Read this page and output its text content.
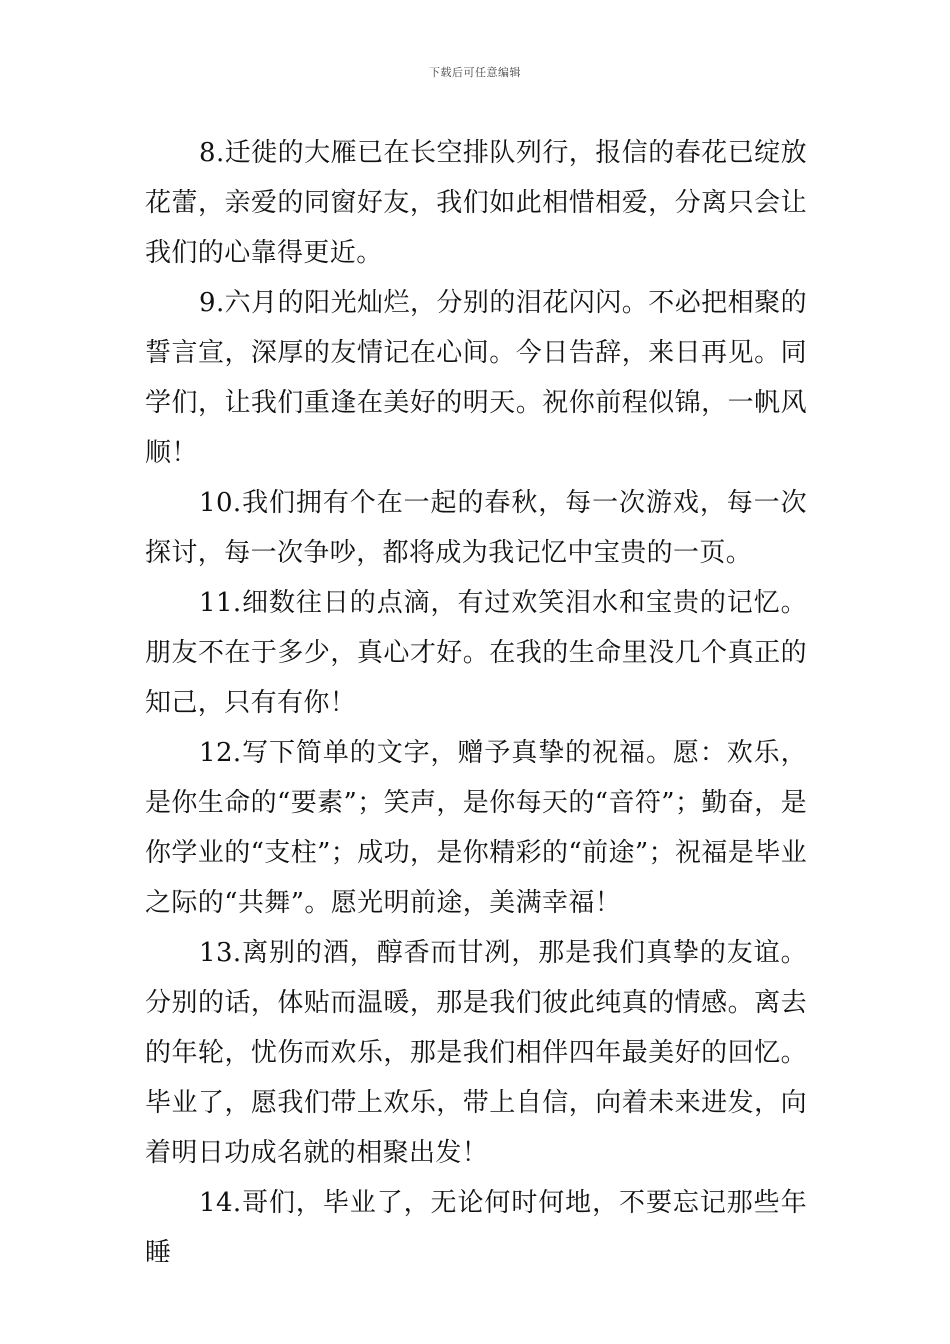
下载后可任意编辑

8.迁徙的大雁已在长空排队列行，报信的春花已绽放花蕾，亲爱的同窗好友，我们如此相惜相爱，分离只会让我们的心靠得更近。

9.六月的阳光灿烂，分别的泪花闪闪。不必把相聚的誓言宣，深厚的友情记在心间。今日告辞，来日再见。同学们，让我们重逢在美好的明天。祝你前程似锦，一帆风顺！

10.我们拥有个在一起的春秋，每一次游戏，每一次探讨，每一次争吵，都将成为我记忆中宝贵的一页。

11.细数往日的点滴，有过欢笑泪水和宝贵的记忆。朋友不在于多少，真心才好。在我的生命里没几个真正的知己，只有有你！

12.写下简单的文字，赠予真挚的祝福。愿：欢乐，是你生命的“要素”；笑声，是你每天的“音符”；勤奋，是你学业的“支柱”；成功，是你精彩的“前途”；祝福是毕业之际的“共舞”。愿光明前途，美满幸福！

13.离别的酒，醇香而甘冽，那是我们真挚的友谊。分别的话，体贴而温暖，那是我们彼此纯真的情感。离去的年轮，忧伤而欢乐，那是我们相伴四年最美好的回忆。毕业了，愿我们带上欢乐，带上自信，向着未来进发，向着明日功成名就的相聚出发！

14.哥们，毕业了，无论何时何地，不要忘记那些年睡
